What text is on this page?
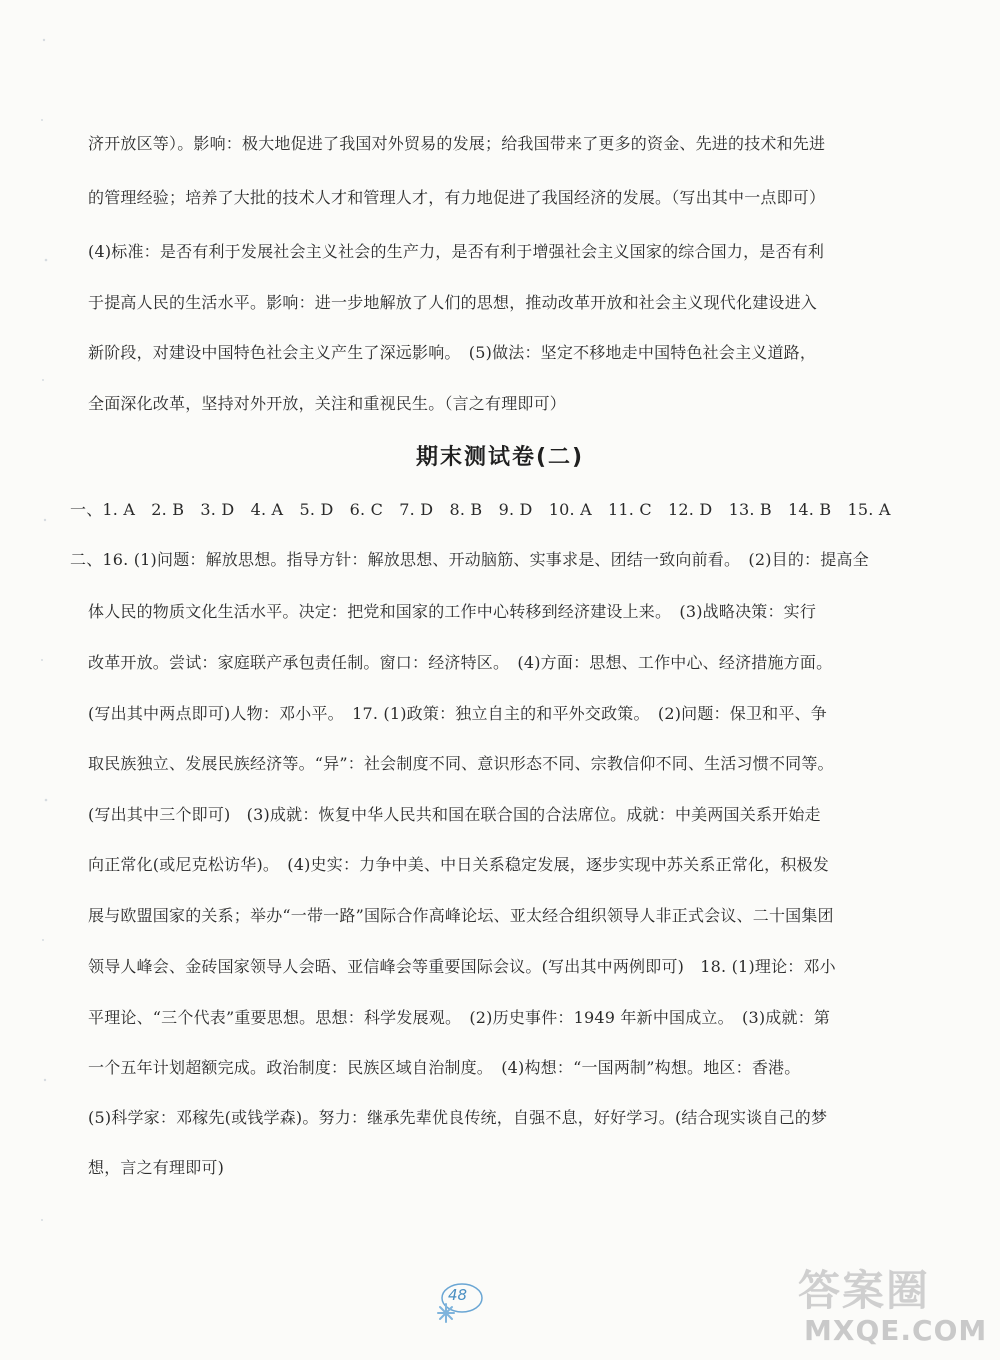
济开放区等）。影响：极大地促进了我国对外贸易的发展；给我国带来了更多的资金、先进的技术和先进
的管理经验；培养了大批的技术人才和管理人才，有力地促进了我国经济的发展。（写出其中一点即可）
(4)标准：是否有利于发展社会主义社会的生产力，是否有利于增强社会主义国家的综合国力，是否有利
于提高人民的生活水平。影响：进一步地解放了人们的思想，推动改革开放和社会主义现代化建设进入
新阶段，对建设中国特色社会主义产生了深远影响。　(5)做法：坚定不移地走中国特色社会主义道路，
全面深化改革，坚持对外开放，关注和重视民生。（言之有理即可）
期末测试卷(二)
一、1. A　2. B　3. D　4. A　5. D　6. C　7. D　8. B　9. D　10. A　11. C　12. D　13. B　14. B　15. A
二、16. (1)问题：解放思想。指导方针：解放思想、开动脑筋、实事求是、团结一致向前看。　(2)目的：提高全
体人民的物质文化生活水平。决定：把党和国家的工作中心转移到经济建设上来。　(3)战略决策：实行
改革开放。尝试：家庭联产承包责任制。窗口：经济特区。　(4)方面：思想、工作中心、经济措施方面。
(写出其中两点即可)人物：邓小平。　17. (1)政策：独立自主的和平外交政策。　(2)问题：保卫和平、争
取民族独立、发展民族经济等。“异”：社会制度不同、意识形态不同、宗教信仰不同、生活习惯不同等。
(写出其中三个即可)　(3)成就：恢复中华人民共和国在联合国的合法席位。成就：中美两国关系开始走
向正常化(或尼克松访华)。　(4)史实：力争中美、中日关系稳定发展，逐步实现中苏关系正常化，积极发
展与欧盟国家的关系；举办“一带一路”国际合作高峰论坛、亚太经合组织领导人非正式会议、二十国集团
领导人峰会、金砖国家领导人会晤、亚信峰会等重要国际会议。(写出其中两例即可)　18. (1)理论：邓小
平理论、“三个代表”重要思想。思想：科学发展观。　(2)历史事件：1949 年新中国成立。　(3)成就：第
一个五年计划超额完成。政治制度：民族区域自治制度。　(4)构想：“一国两制”构想。地区：香港。
(5)科学家：邓稼先(或钱学森)。努力：继承先辈优良传统，自强不息，好好学习。(结合现实谈自己的梦
想，言之有理即可)
48	答案圈
MXQE.COM
